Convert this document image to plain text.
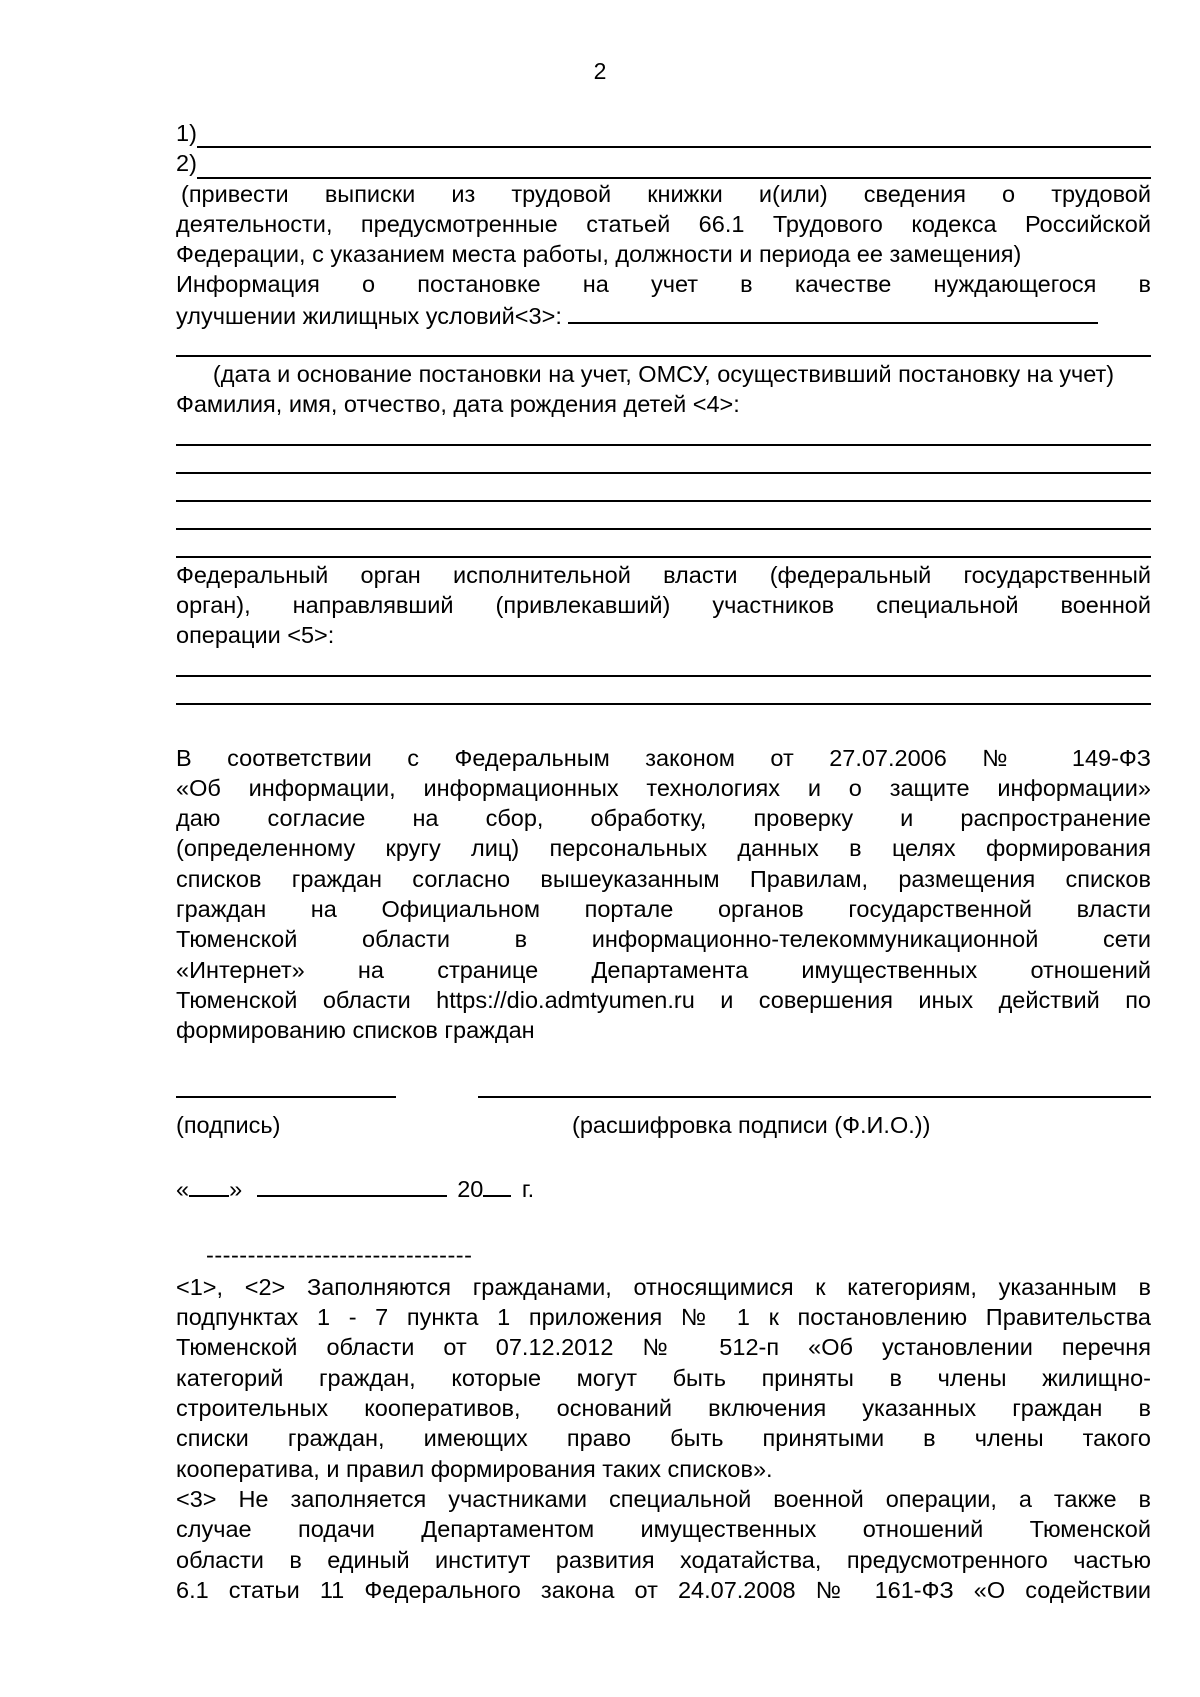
2
1)
2)
(привести выписки из трудовой книжки и(или) сведения о трудовой
деятельности, предусмотренные статьей 66.1 Трудового кодекса Российской
Федерации, с указанием места работы, должности и периода ее замещения)
Информация о постановке на учет в качестве нуждающегося в
улучшении жилищных условий<3>:
(дата и основание постановки на учет, ОМСУ, осуществивший постановку на учет)
Фамилия, имя, отчество, дата рождения детей <4>:
Федеральный орган исполнительной власти (федеральный государственный
орган), направлявший (привлекавший) участников специальной военной
операции <5>:
В соответствии с Федеральным законом от 27.07.2006 № 149-ФЗ
«Об информации, информационных технологиях и о защите информации»
даю согласие на сбор, обработку, проверку и распространение
(определенному кругу лиц) персональных данных в целях формирования
списков граждан согласно вышеуказанным Правилам, размещения списков
граждан на Официальном портале органов государственной власти
Тюменской области в информационно-телекоммуникационной сети
«Интернет» на странице Департамента имущественных отношений
Тюменской области https://dio.admtyumen.ru и совершения иных действий по
формированию списков граждан
(подпись)	(расшифровка подписи (Ф.И.О.))
« »	20 г.
--------------------------------
<1>, <2> Заполняются гражданами, относящимися к категориям, указанным в
подпунктах 1 - 7 пункта 1 приложения № 1 к постановлению Правительства
Тюменской области от 07.12.2012 № 512-п «Об установлении перечня
категорий граждан, которые могут быть приняты в члены жилищно-
строительных кооперативов, оснований включения указанных граждан в
списки граждан, имеющих право быть принятыми в члены такого
кооператива, и правил формирования таких списков».
<3> Не заполняется участниками специальной военной операции, а также в
случае подачи Департаментом имущественных отношений Тюменской
области в единый институт развития ходатайства, предусмотренного частью
6.1 статьи 11 Федерального закона от 24.07.2008 № 161-ФЗ «О содействии
